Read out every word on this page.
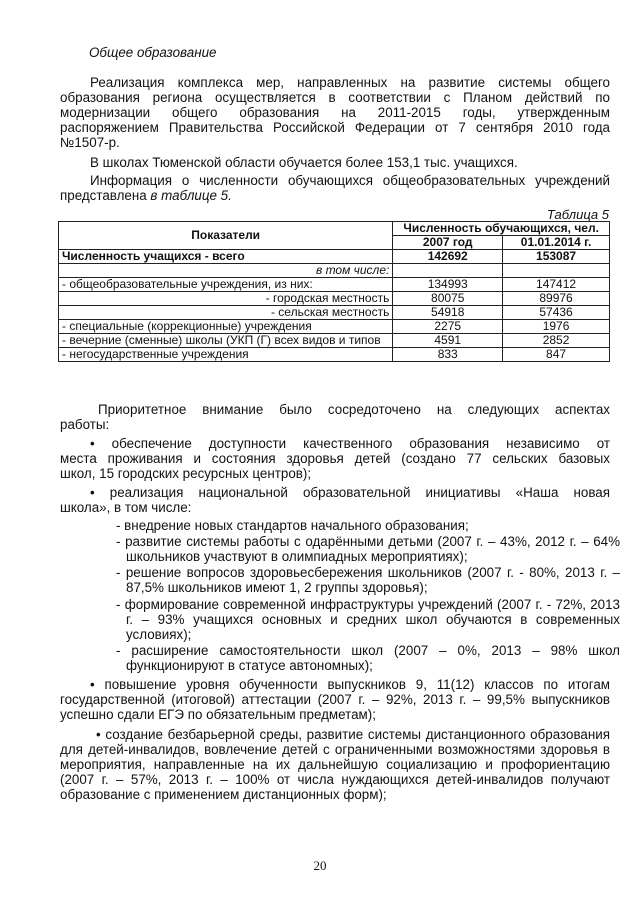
Общее образование

Реализация комплекса мер, направленных на развитие системы общего

образования региона осуществляется в соответствии с Планом действий по

модернизации общего образования на 2011-2015 годы, утвержденным

распоряжением Правительства Российской Федерации от 7 сентября 2010 года

№1507-р.

В школах Тюменской области обучается более 153,1 тыс. учащихся.

Информация о численности обучающихся общеобразовательных учреждений

представлена в таблице 5.

Таблица 5
Показатели	Численность обучающихся, чел.	
	2007 год	01.01.2014 г.
Численность учащихся - всего	142692	153087
в том числе:		
- общеобразовательные учреждения, из них:	134993	147412
- городская местность	80075	89976
- сельская местность	54918	57436
- специальные (коррекционные) учреждения	2275	1976
- вечерние (сменные) школы (УКП (Г) всех видов и типов	4591	2852
- негосударственные учреждения	833	847

Приоритетное внимание было сосредоточено на следующих аспектах

работы:

• обеспечение доступности качественного образования независимо от

места проживания и состояния здоровья детей (создано 77 сельских базовых

школ, 15 городских ресурсных центров);

• реализация национальной образовательной инициативы «Наша новая

школа», в том числе:

- внедрение новых стандартов начального образования;

- развитие системы работы с одарёнными детьми (2007 г. – 43%, 2012 г. – 64% школьников участвуют в олимпиадных мероприятиях);

- решение вопросов здоровьесбережения школьников (2007 г. - 80%, 2013 г. – 87,5% школьников имеют 1, 2 группы здоровья);

- формирование современной инфраструктуры учреждений (2007 г. - 72%, 2013 г. – 93% учащихся основных и средних школ обучаются в современных условиях);

- расширение самостоятельности школ (2007 – 0%, 2013 – 98% школ функционируют в статусе автономных);

• повышение уровня обученности выпускников 9, 11(12) классов по итогам государственной (итоговой) аттестации (2007 г. – 92%, 2013 г. – 99,5% выпускников успешно сдали ЕГЭ по обязательным предметам);

• создание безбарьерной среды, развитие системы дистанционного образования для детей-инвалидов, вовлечение детей с ограниченными возможностями здоровья в мероприятия, направленные на их дальнейшую социализацию и профориентацию (2007 г. – 57%, 2013 г. – 100% от числа нуждающихся детей-инвалидов получают образование с применением дистанционных форм);

20
